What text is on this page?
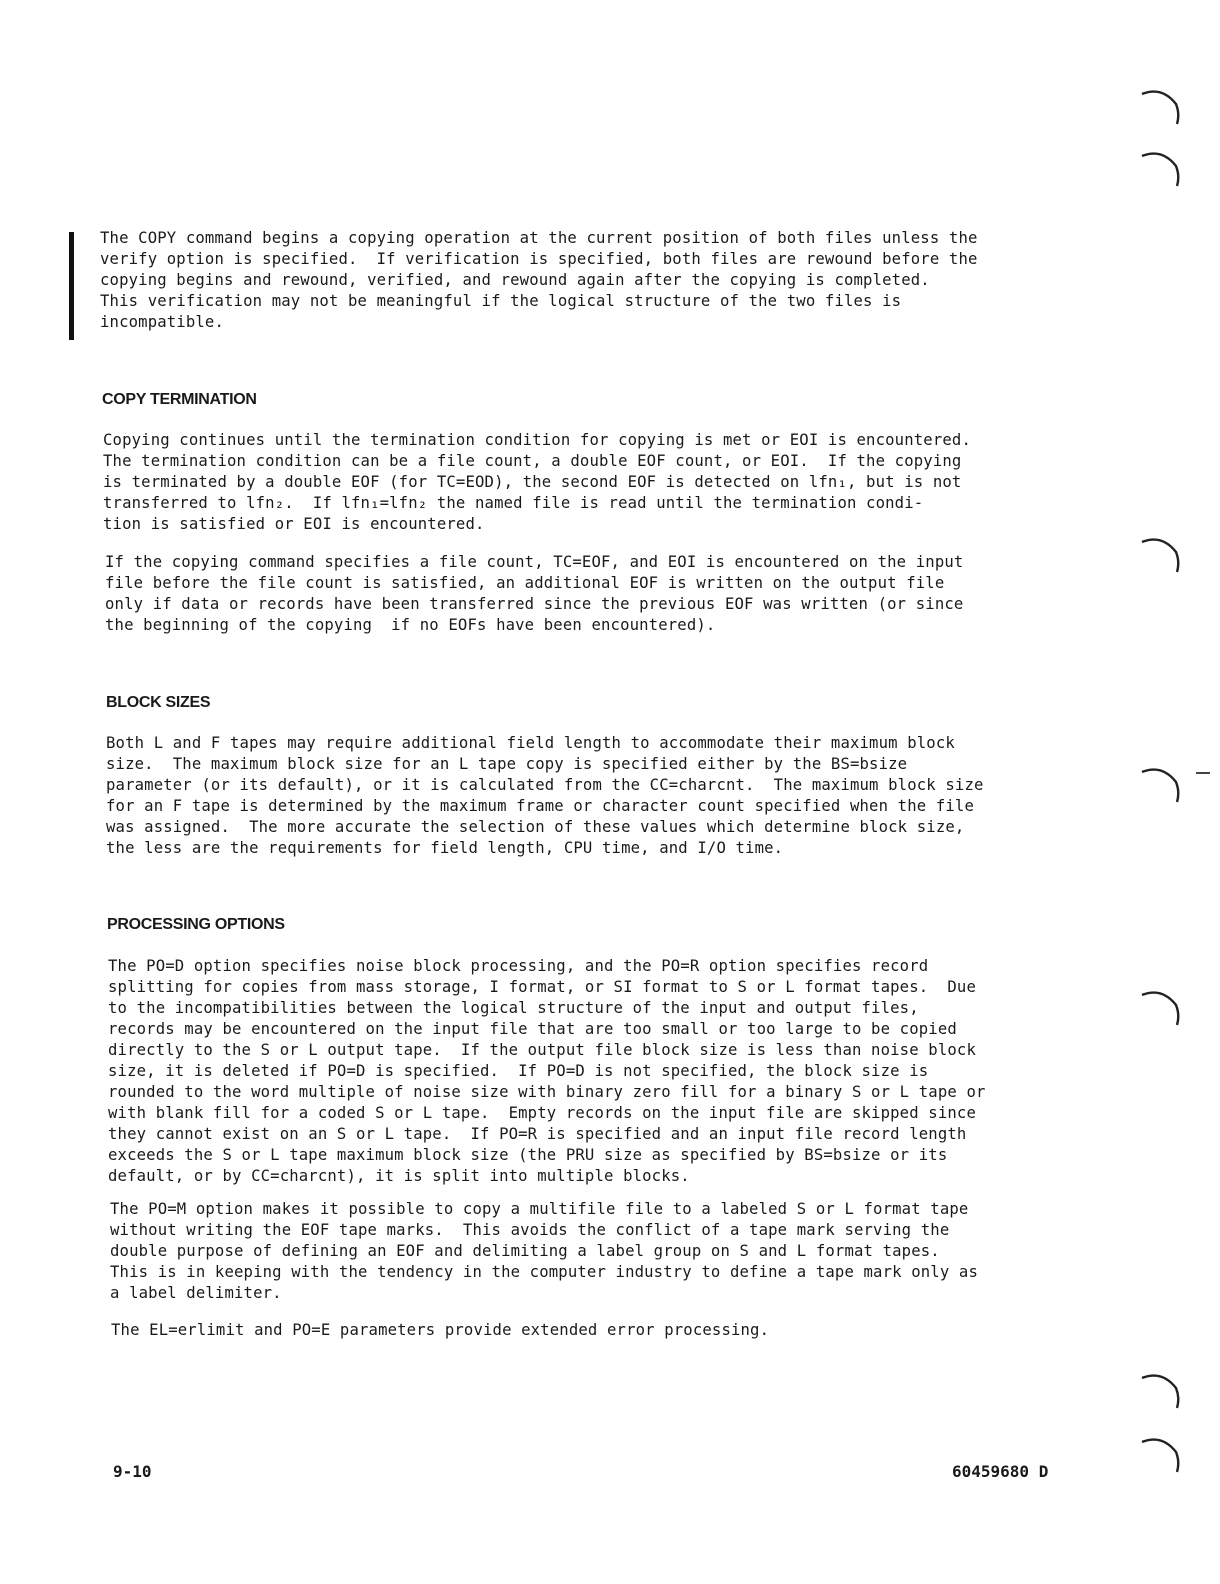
The COPY command begins a copying operation at the current position of both files unless the
verify option is specified.  If verification is specified, both files are rewound before the
copying begins and rewound, verified, and rewound again after the copying is completed.
This verification may not be meaningful if the logical structure of the two files is
incompatible.

COPY TERMINATION

Copying continues until the termination condition for copying is met or EOI is encountered.
The termination condition can be a file count, a double EOF count, or EOI.  If the copying
is terminated by a double EOF (for TC=EOD), the second EOF is detected on lfn₁, but is not
transferred to lfn₂.  If lfn₁=lfn₂ the named file is read until the termination condi-
tion is satisfied or EOI is encountered.

If the copying command specifies a file count, TC=EOF, and EOI is encountered on the input
file before the file count is satisfied, an additional EOF is written on the output file
only if data or records have been transferred since the previous EOF was written (or since
the beginning of the copying  if no EOFs have been encountered).

BLOCK SIZES

Both L and F tapes may require additional field length to accommodate their maximum block
size.  The maximum block size for an L tape copy is specified either by the BS=bsize
parameter (or its default), or it is calculated from the CC=charcnt.  The maximum block size
for an F tape is determined by the maximum frame or character count specified when the file
was assigned.  The more accurate the selection of these values which determine block size,
the less are the requirements for field length, CPU time, and I/O time.

PROCESSING OPTIONS

The PO=D option specifies noise block processing, and the PO=R option specifies record
splitting for copies from mass storage, I format, or SI format to S or L format tapes.  Due
to the incompatibilities between the logical structure of the input and output files,
records may be encountered on the input file that are too small or too large to be copied
directly to the S or L output tape.  If the output file block size is less than noise block
size, it is deleted if PO=D is specified.  If PO=D is not specified, the block size is
rounded to the word multiple of noise size with binary zero fill for a binary S or L tape or
with blank fill for a coded S or L tape.  Empty records on the input file are skipped since
they cannot exist on an S or L tape.  If PO=R is specified and an input file record length
exceeds the S or L tape maximum block size (the PRU size as specified by BS=bsize or its
default, or by CC=charcnt), it is split into multiple blocks.

The PO=M option makes it possible to copy a multifile file to a labeled S or L format tape
without writing the EOF tape marks.  This avoids the conflict of a tape mark serving the
double purpose of defining an EOF and delimiting a label group on S and L format tapes.
This is in keeping with the tendency in the computer industry to define a tape mark only as
a label delimiter.

The EL=erlimit and PO=E parameters provide extended error processing.

9-10	60459680 D
